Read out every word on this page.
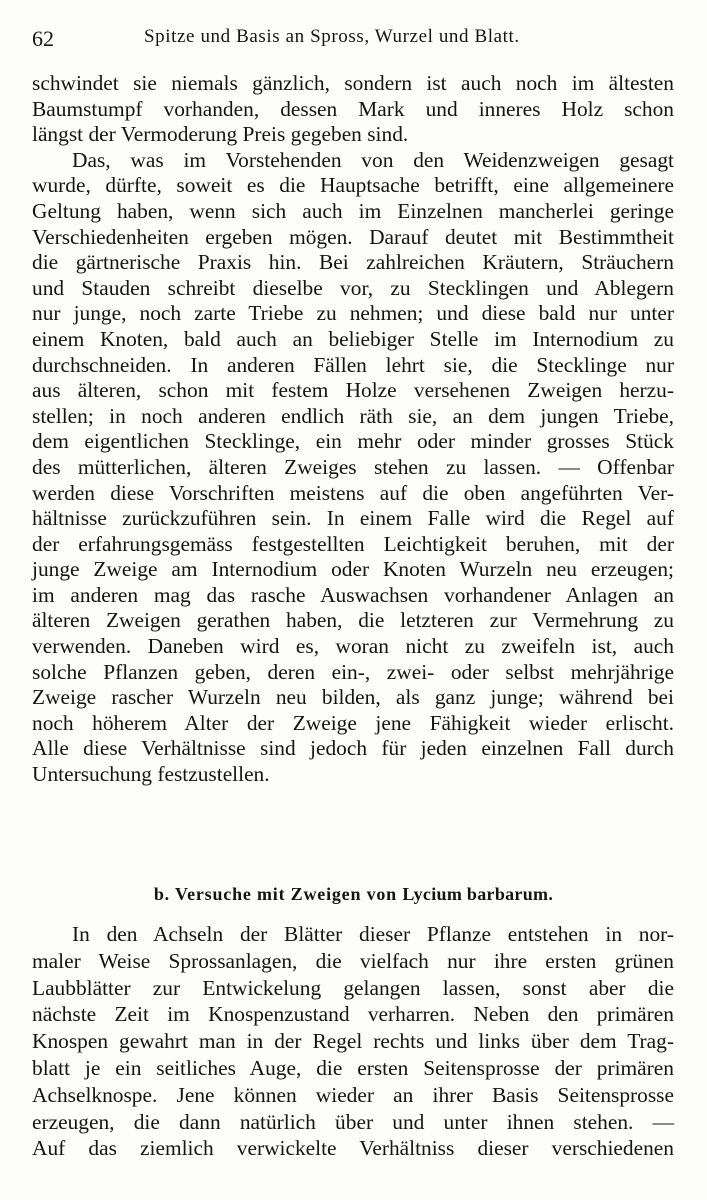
62	Spitze und Basis an Spross, Wurzel und Blatt.
schwindet sie niemals gänzlich, sondern ist auch noch im ältesten
Baumstumpf vorhanden, dessen Mark und inneres Holz schon
längst der Vermoderung Preis gegeben sind.
Das, was im Vorstehenden von den Weidenzweigen gesagt
wurde, dürfte, soweit es die Hauptsache betrifft, eine allgemeinere
Geltung haben, wenn sich auch im Einzelnen mancherlei geringe
Verschiedenheiten ergeben mögen. Darauf deutet mit Bestimmtheit
die gärtnerische Praxis hin. Bei zahlreichen Kräutern, Sträuchern
und Stauden schreibt dieselbe vor, zu Stecklingen und Ablegern
nur junge, noch zarte Triebe zu nehmen; und diese bald nur unter
einem Knoten, bald auch an beliebiger Stelle im Internodium zu
durchschneiden. In anderen Fällen lehrt sie, die Stecklinge nur
aus älteren, schon mit festem Holze versehenen Zweigen herzu-
stellen; in noch anderen endlich räth sie, an dem jungen Triebe,
dem eigentlichen Stecklinge, ein mehr oder minder grosses Stück
des mütterlichen, älteren Zweiges stehen zu lassen. — Offenbar
werden diese Vorschriften meistens auf die oben angeführten Ver-
hältnisse zurückzuführen sein. In einem Falle wird die Regel auf
der erfahrungsgemäss festgestellten Leichtigkeit beruhen, mit der
junge Zweige am Internodium oder Knoten Wurzeln neu erzeugen;
im anderen mag das rasche Auswachsen vorhandener Anlagen an
älteren Zweigen gerathen haben, die letzteren zur Vermehrung zu
verwenden. Daneben wird es, woran nicht zu zweifeln ist, auch
solche Pflanzen geben, deren ein-, zwei- oder selbst mehrjährige
Zweige rascher Wurzeln neu bilden, als ganz junge; während bei
noch höherem Alter der Zweige jene Fähigkeit wieder erlischt.
Alle diese Verhältnisse sind jedoch für jeden einzelnen Fall durch
Untersuchung festzustellen.
b. Versuche mit Zweigen von Lycium barbarum.
In den Achseln der Blätter dieser Pflanze entstehen in nor-
maler Weise Sprossanlagen, die vielfach nur ihre ersten grünen
Laubblätter zur Entwickelung gelangen lassen, sonst aber die
nächste Zeit im Knospenzustand verharren. Neben den primären
Knospen gewahrt man in der Regel rechts und links über dem Trag-
blatt je ein seitliches Auge, die ersten Seitensprosse der primären
Achselknospe. Jene können wieder an ihrer Basis Seitensprosse
erzeugen, die dann natürlich über und unter ihnen stehen. —
Auf das ziemlich verwickelte Verhältniss dieser verschiedenen
